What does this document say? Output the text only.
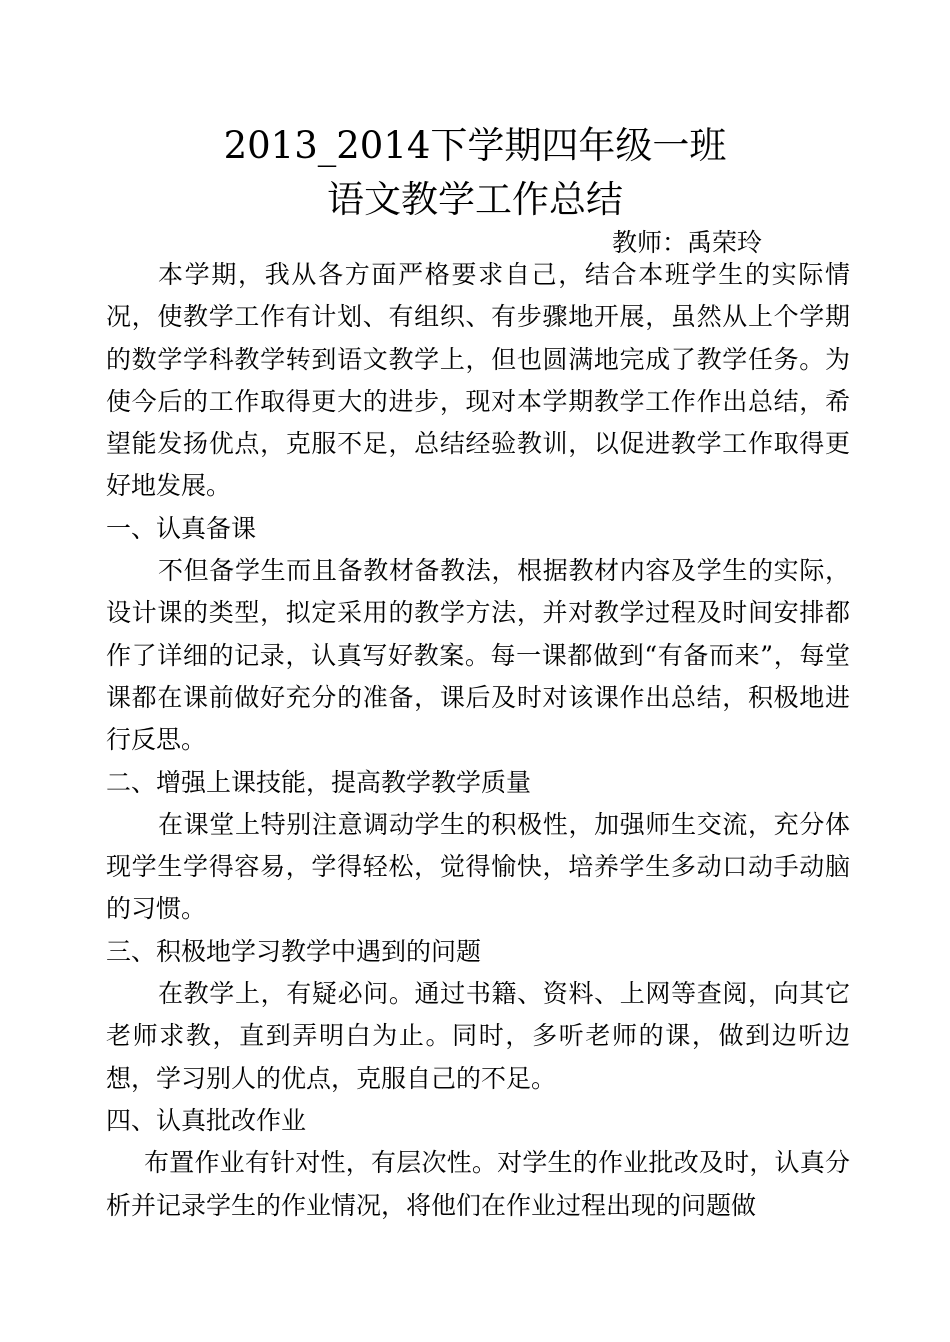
2013_2014下学期四年级一班
语文教学工作总结
教师：禹荣玲

本学期，我从各方面严格要求自己，结合本班学生的实际情况，使教学工作有计划、有组织、有步骤地开展，虽然从上个学期的数学学科教学转到语文教学上，但也圆满地完成了教学任务。为使今后的工作取得更大的进步，现对本学期教学工作作出总结，希望能发扬优点，克服不足，总结经验教训，以促进教学工作取得更好地发展。

一、认真备课

不但备学生而且备教材备教法，根据教材内容及学生的实际，设计课的类型，拟定采用的教学方法，并对教学过程及时间安排都作了详细的记录，认真写好教案。每一课都做到“有备而来”，每堂课都在课前做好充分的准备，课后及时对该课作出总结，积极地进行反思。

二、增强上课技能，提高教学教学质量

在课堂上特别注意调动学生的积极性，加强师生交流，充分体现学生学得容易，学得轻松，觉得愉快，培养学生多动口动手动脑的习惯。

三、积极地学习教学中遇到的问题

在教学上，有疑必问。通过书籍、资料、上网等查阅，向其它老师求教，直到弄明白为止。同时，多听老师的课，做到边听边想，学习别人的优点，克服自己的不足。

四、认真批改作业

布置作业有针对性，有层次性。对学生的作业批改及时，认真分析并记录学生的作业情况，将他们在作业过程出现的问题做
